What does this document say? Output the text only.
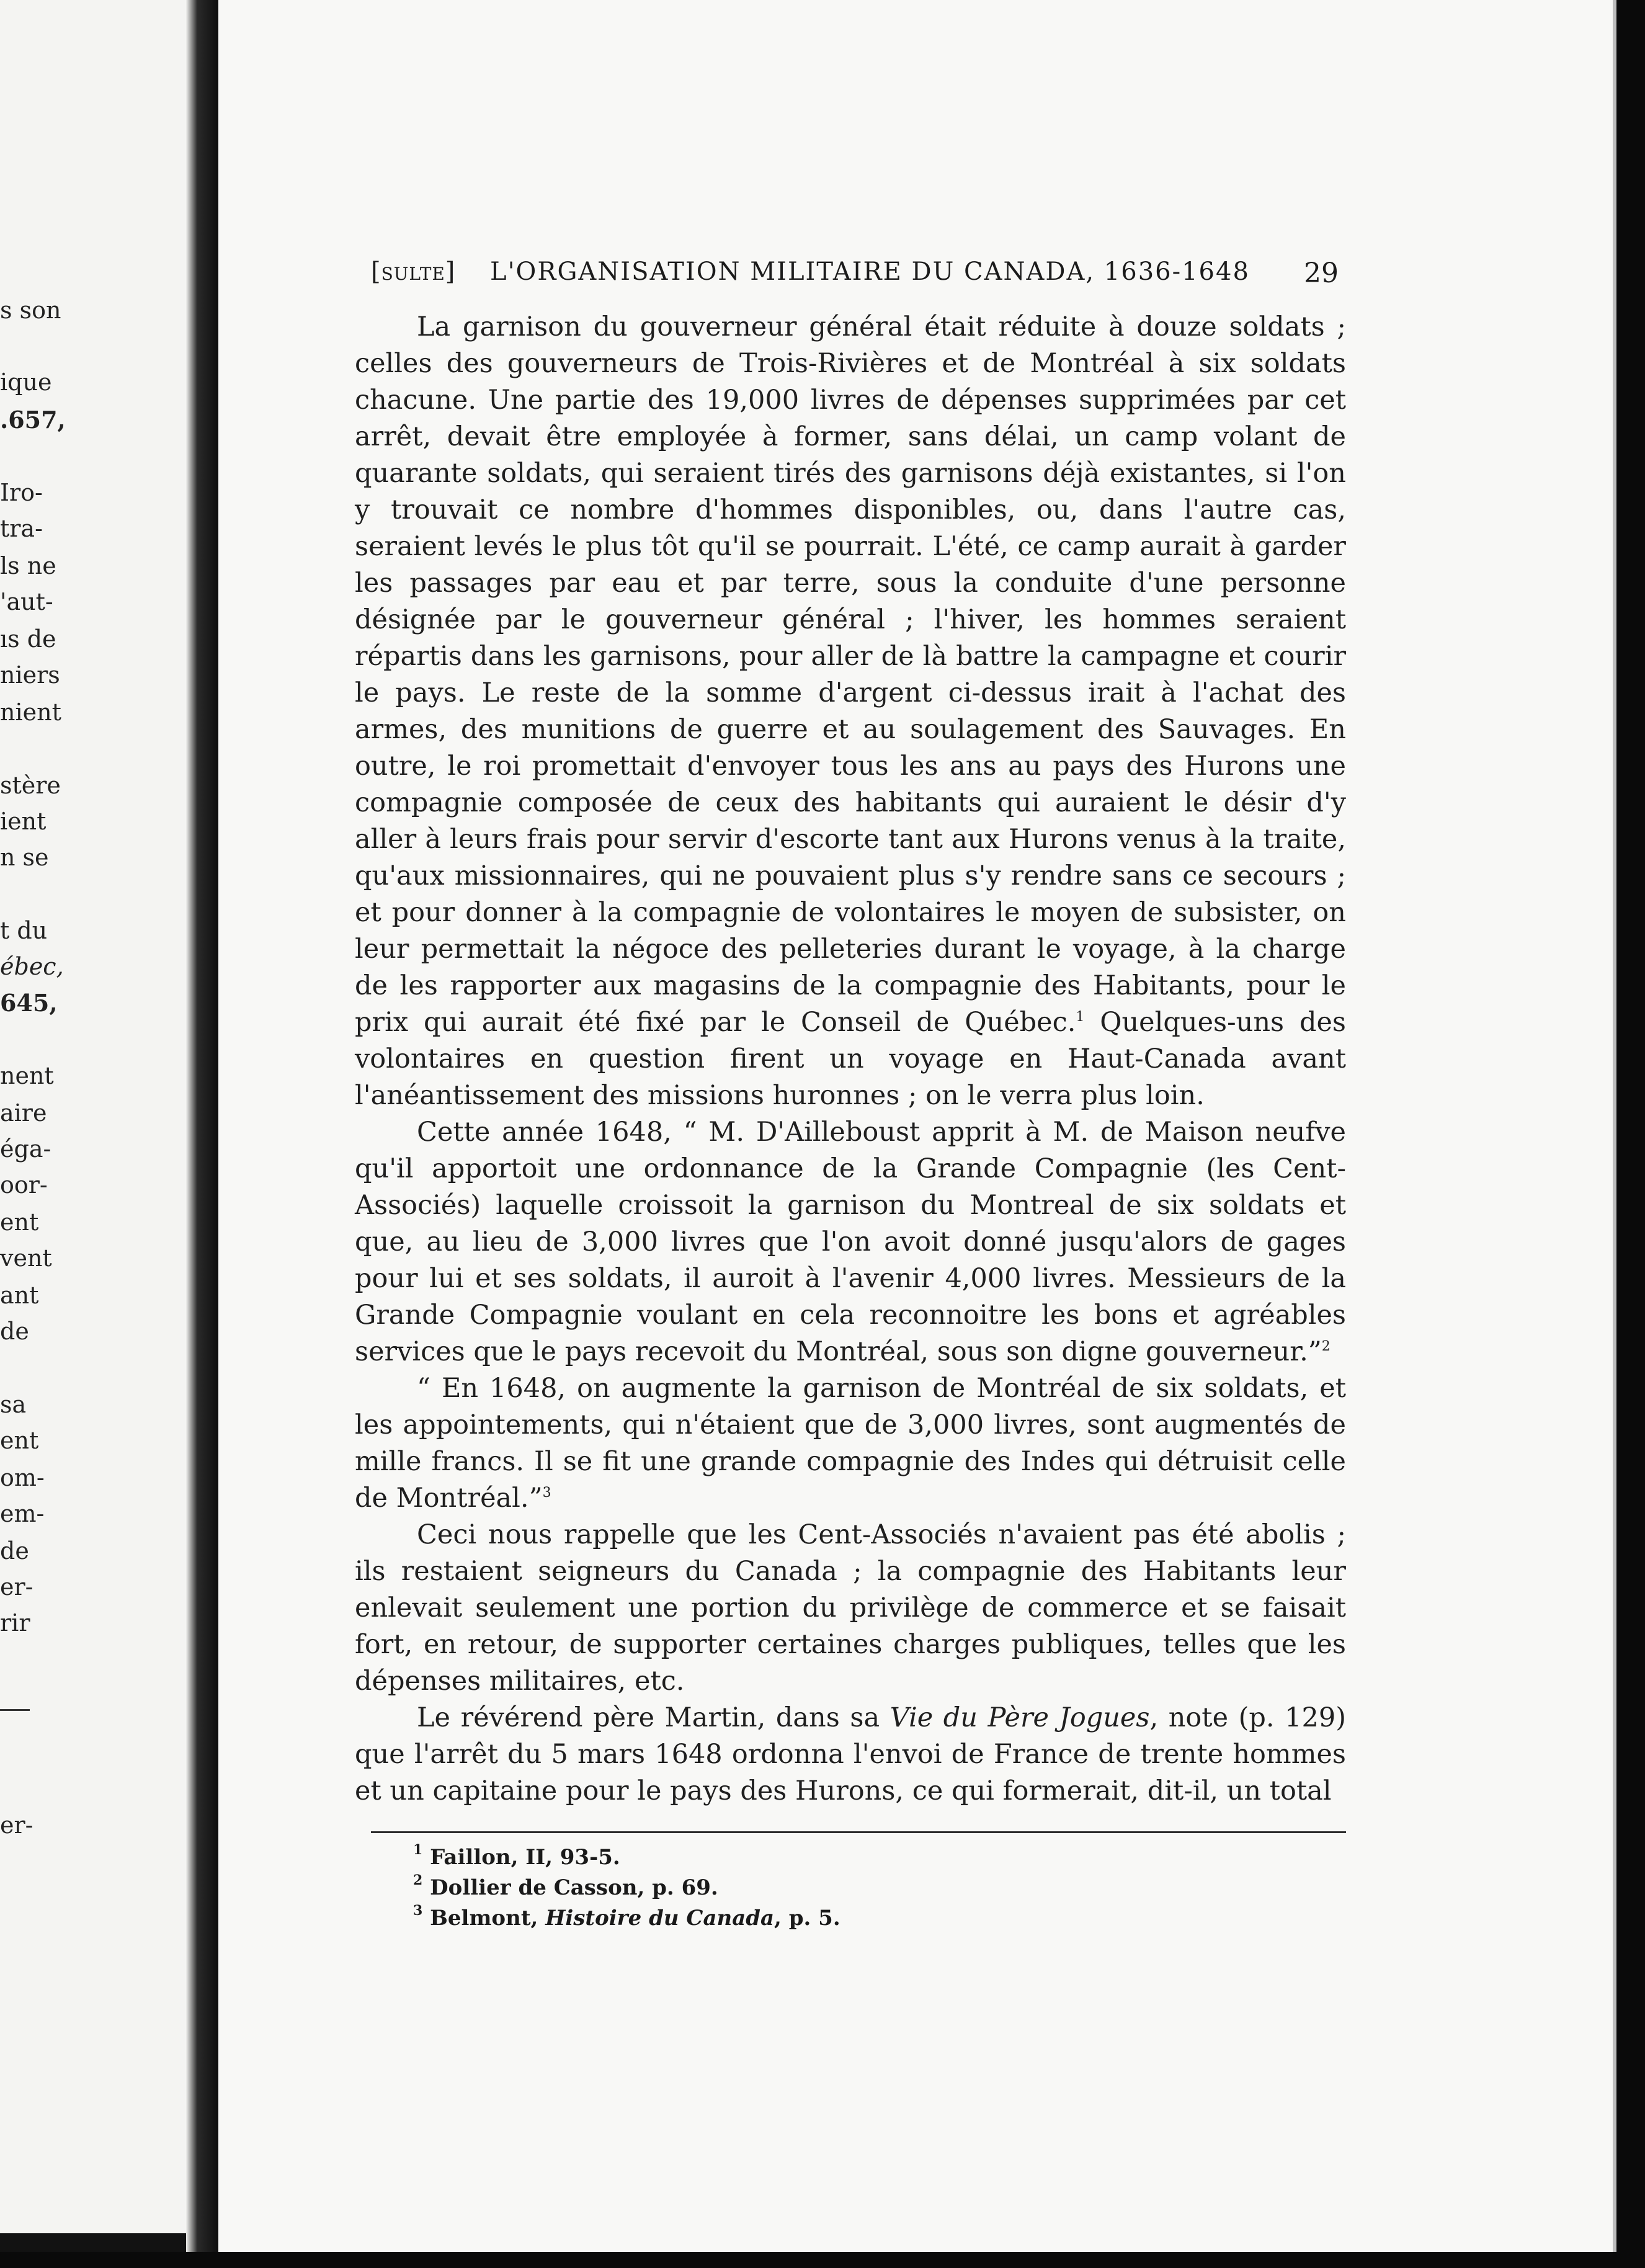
s son
ique
.657,
Iro-
tra-
ls ne
'aut-
ıs de
niers
nient
stère
ient
n se
t du
ébec,
645,
nent
aire
éga-
oor-
ent
vent
ant
de
sa
ent
om-
em-
de
er-
rir
er-
[sulte] L'ORGANISATION MILITAIRE DU CANADA, 1636-1648 29

La garnison du gouverneur général était réduite à douze soldats ; celles des gouverneurs de Trois-Rivières et de Montréal à six soldats chacune. Une partie des 19,000 livres de dépenses supprimées par cet arrêt, devait être employée à former, sans délai, un camp volant de quarante soldats, qui seraient tirés des garnisons déjà existantes, si l'on y trouvait ce nombre d'hommes disponibles, ou, dans l'autre cas, seraient levés le plus tôt qu'il se pourrait. L'été, ce camp aurait à garder les passages par eau et par terre, sous la conduite d'une personne désignée par le gouverneur général ; l'hiver, les hommes seraient répartis dans les garnisons, pour aller de là battre la campagne et courir le pays. Le reste de la somme d'argent ci-dessus irait à l'achat des armes, des munitions de guerre et au soulagement des Sauvages. En outre, le roi promettait d'envoyer tous les ans au pays des Hurons une compagnie composée de ceux des habitants qui auraient le désir d'y aller à leurs frais pour servir d'escorte tant aux Hurons venus à la traite, qu'aux missionnaires, qui ne pouvaient plus s'y rendre sans ce secours ; et pour donner à la compagnie de volontaires le moyen de subsister, on leur permettait la négoce des pelleteries durant le voyage, à la charge de les rapporter aux magasins de la compagnie des Habitants, pour le prix qui aurait été fixé par le Conseil de Québec.$^1$ Quelques-uns des volontaires en question firent un voyage en Haut-Canada avant l'anéantissement des missions huronnes ; on le verra plus loin.

Cette année 1648, “ M. D'Ailleboust apprit à M. de Maison neufve qu'il apportoit une ordonnance de la Grande Compagnie (les Cent-Associés) laquelle croissoit la garnison du Montreal de six soldats et que, au lieu de 3,000 livres que l'on avoit donné jusqu'alors de gages pour lui et ses soldats, il auroit à l'avenir 4,000 livres. Messieurs de la Grande Compagnie voulant en cela reconnoitre les bons et agréables services que le pays recevoit du Montréal, sous son digne gouverneur.”$^2$

“ En 1648, on augmente la garnison de Montréal de six soldats, et les appointements, qui n'étaient que de 3,000 livres, sont augmentés de mille francs. Il se fit une grande compagnie des Indes qui détruisit celle de Montréal.”$^3$

Ceci nous rappelle que les Cent-Associés n'avaient pas été abolis ; ils restaient seigneurs du Canada ; la compagnie des Habitants leur enlevait seulement une portion du privilège de commerce et se faisait fort, en retour, de supporter certaines charges publiques, telles que les dépenses militaires, etc.

Le révérend père Martin, dans sa Vie du Père Jogues, note (p. 129) que l'arrêt du 5 mars 1648 ordonna l'envoi de France de trente hommes et un capitaine pour le pays des Hurons, ce qui formerait, dit-il, un total

$^1$ Faillon, II, 93-5.
$^2$ Dollier de Casson, p. 69.
$^3$ Belmont, Histoire du Canada, p. 5.
